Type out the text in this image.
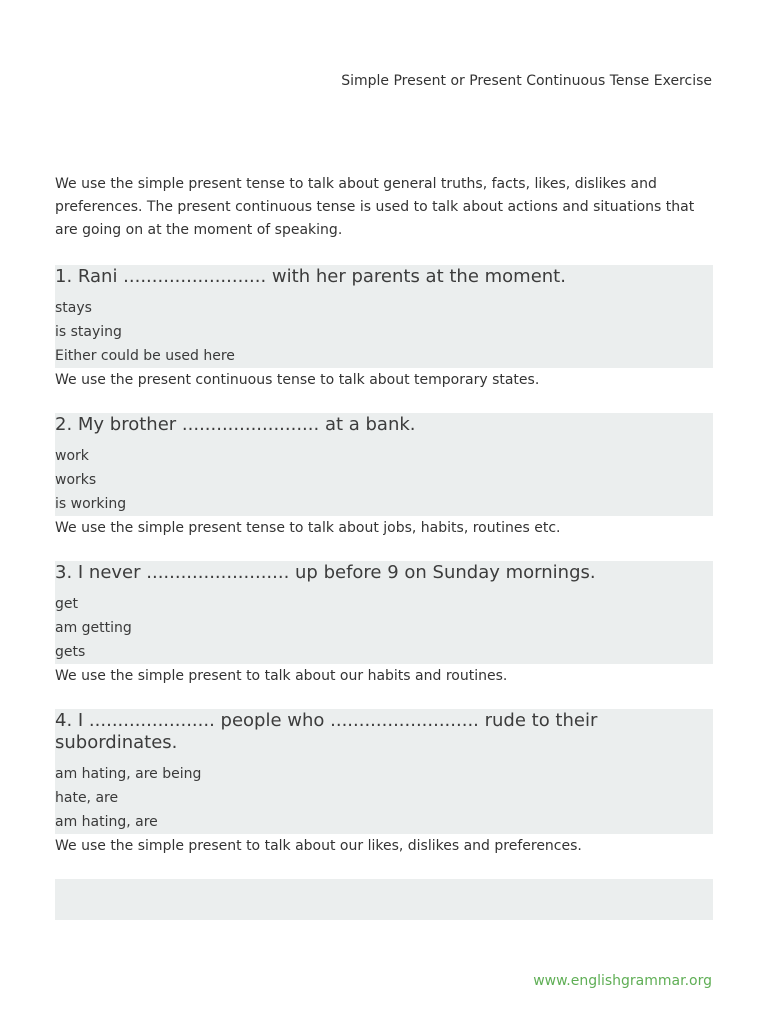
Simple Present or Present Continuous Tense Exercise
We use the simple present tense to talk about general truths, facts, likes, dislikes and preferences. The present continuous tense is used to talk about actions and situations that are going on at the moment of speaking.
1. Rani ......................... with her parents at the moment.
stays
is staying
Either could be used here
We use the present continuous tense to talk about temporary states.
2. My brother ........................ at a bank.
work
works
is working
We use the simple present tense to talk about jobs, habits, routines etc.
3. I never ......................... up before 9 on Sunday mornings.
get
am getting
gets
We use the simple present to talk about our habits and routines.
4. I ...................... people who .......................... rude to their subordinates.
am hating, are being
hate, are
am hating, are
We use the simple present to talk about our likes, dislikes and preferences.
www.englishgrammar.org
